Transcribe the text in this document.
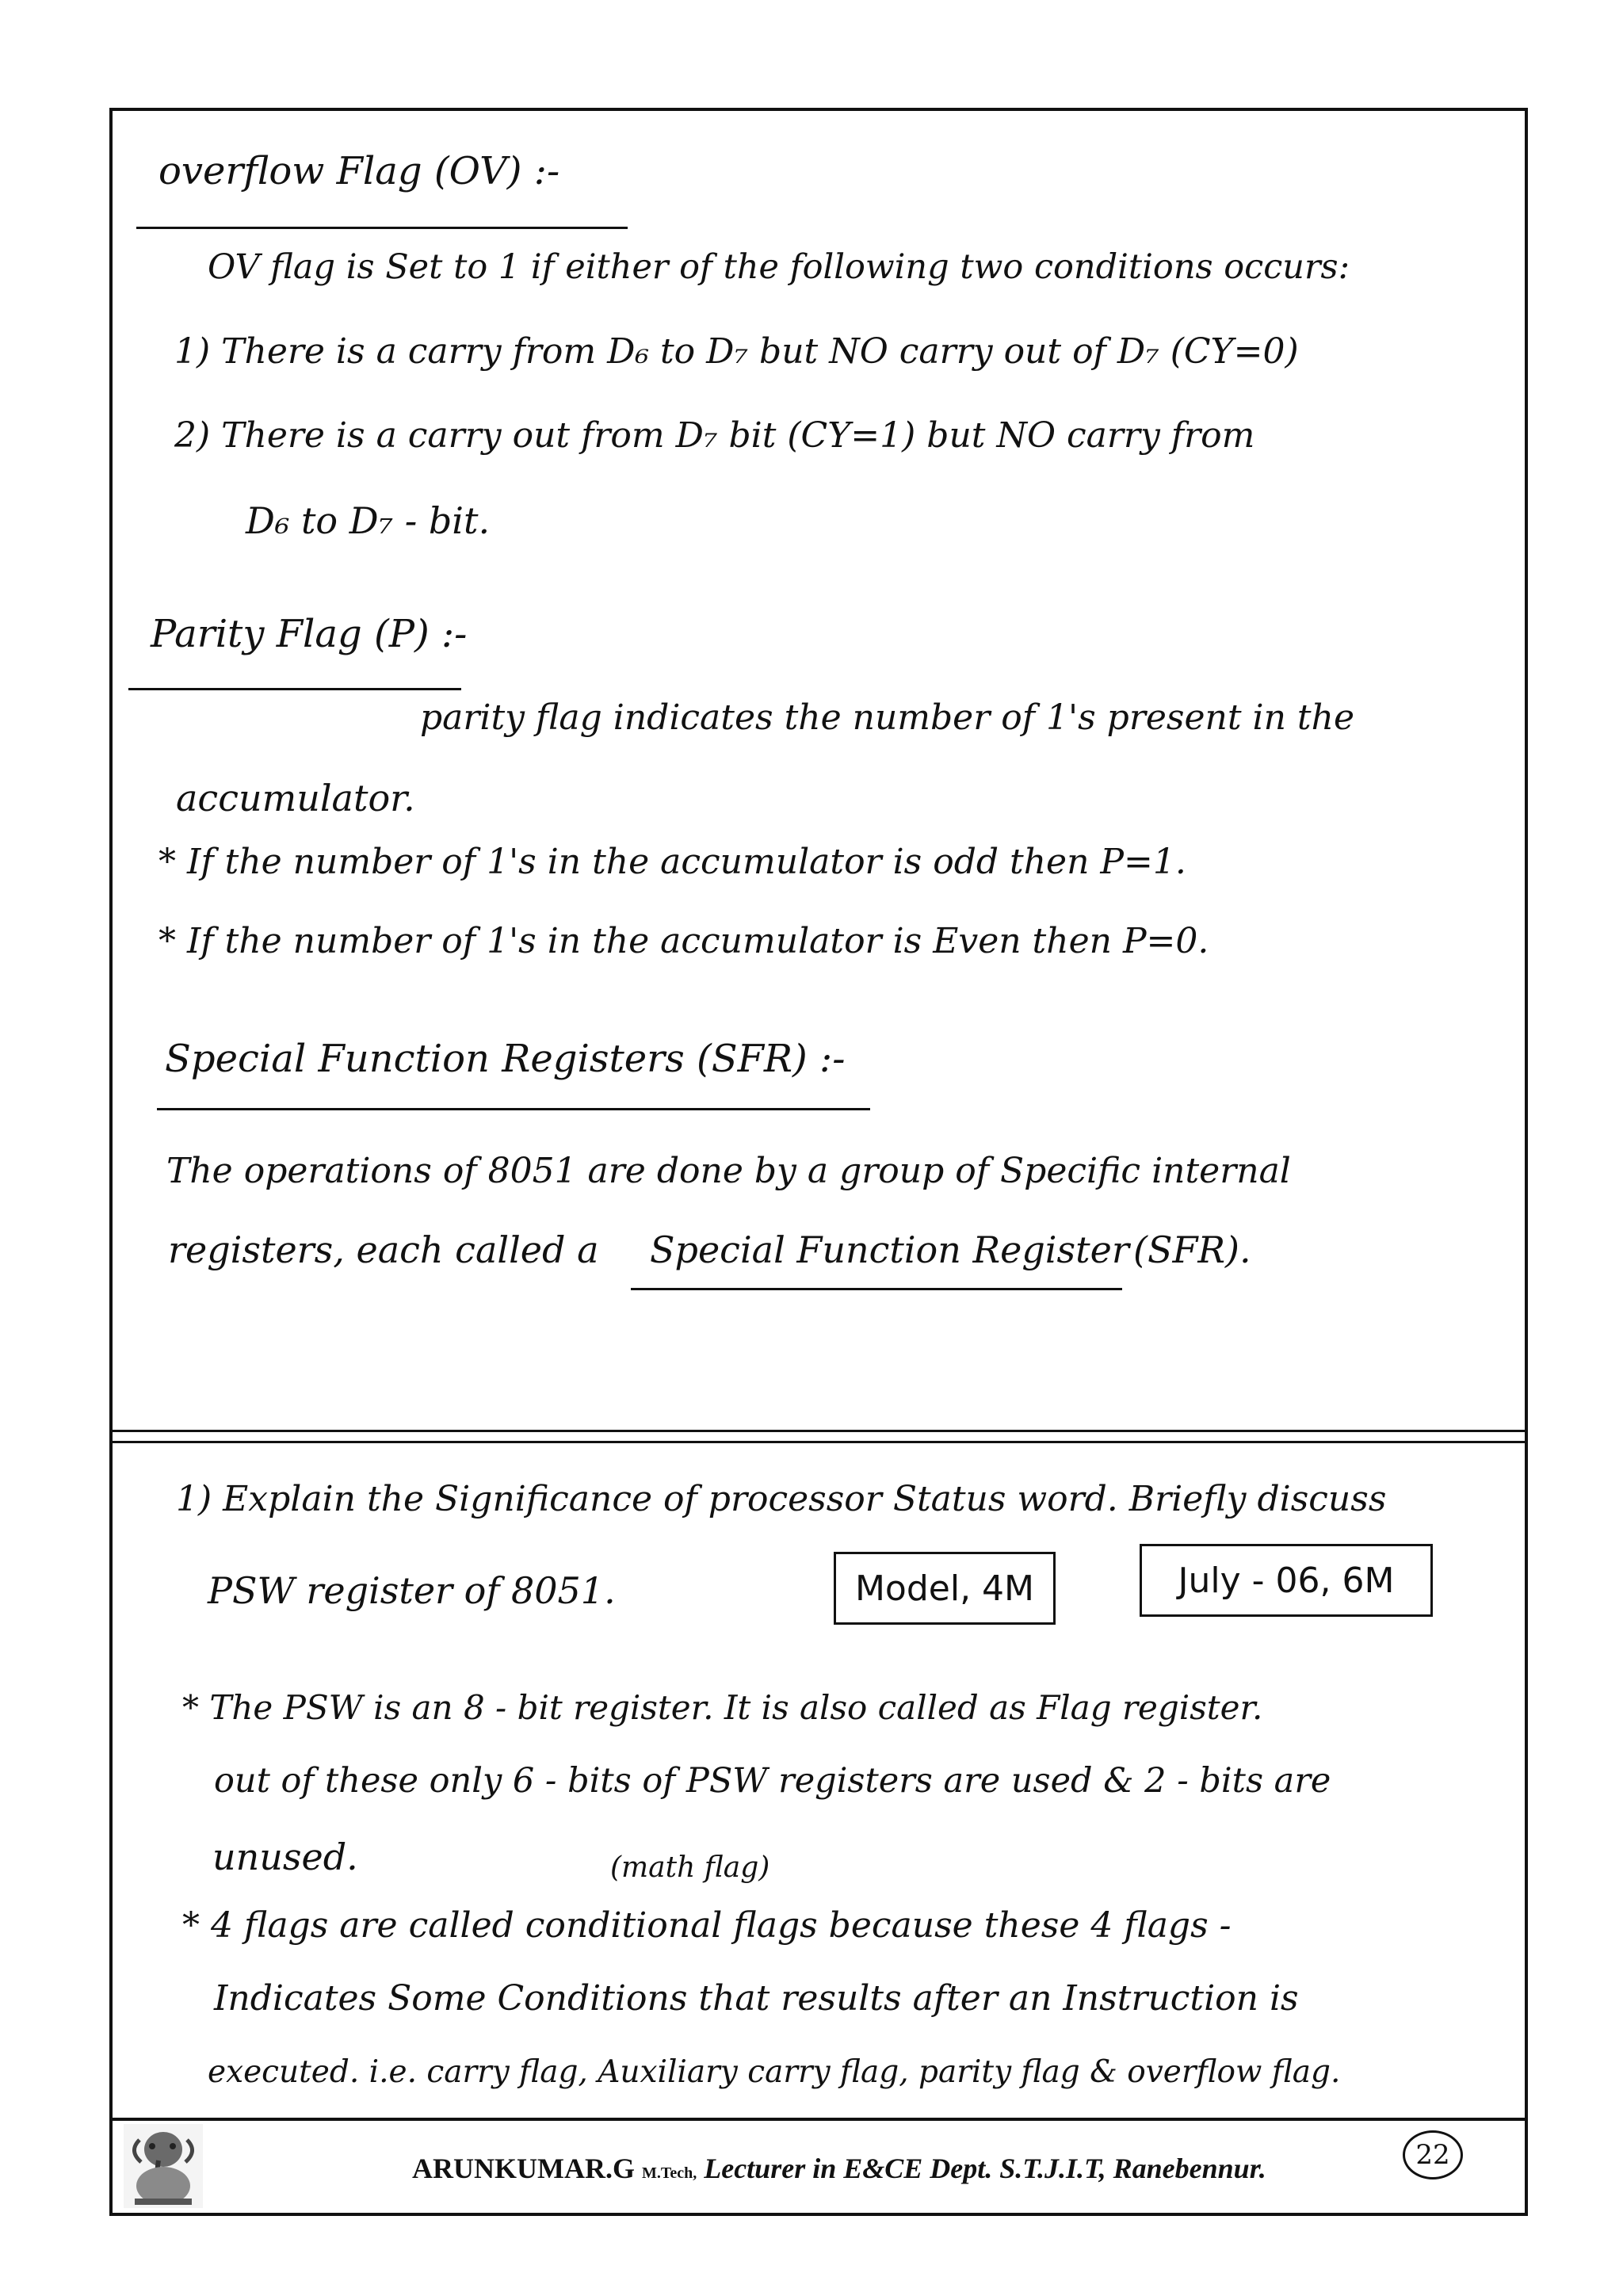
overflow Flag (OV) :-
OV flag is Set to 1 if either of the following two conditions occurs:
1) There is a carry from D₆ to D₇ but NO carry out of D₇ (CY=0)
2) There is a carry out from D₇ bit (CY=1) but NO carry from
D₆ to D₇ - bit.
Parity Flag (P) :-
parity flag indicates the number of 1's present in the
accumulator.
* If the number of 1's in the accumulator is odd then P=1.
* If the number of 1's in the accumulator is Even then P=0.
Special Function Registers (SFR) :-
The operations of 8051 are done by a group of Specific internal
registers, each called a Special Function Register (SFR).
1) Explain the Significance of processor Status word. Briefly discuss
PSW register of 8051.	Model, 4M	July - 06, 6M
* The PSW is an 8 - bit register. It is also called as Flag register.
out of these only 6 - bits of PSW registers are used & 2 - bits are
unused.	(math flag)
* 4 flags are called conditional flags because these 4 flags -
Indicates Some Conditions that results after an Instruction is
executed. i.e. carry flag, Auxiliary carry flag, parity flag & overflow flag.
ARUNKUMAR.G M.Tech, Lecturer in E&CE Dept. S.T.J.I.T, Ranebennur.	22
